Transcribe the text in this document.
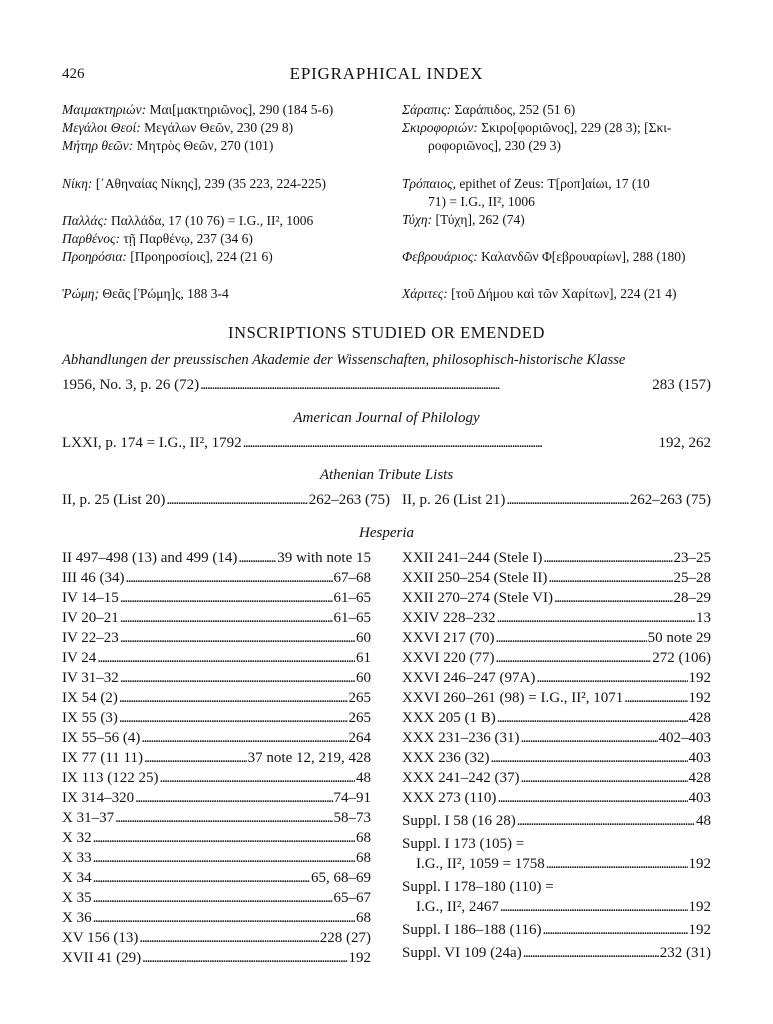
426	EPIGRAPHICAL INDEX
Μαιμακτηριών: Μαι[μακτηριῶνος], 290 (184 5-6)
Μεγάλοι Θεοί: Μεγάλων Θεῶν, 230 (29 8)
Μήτηρ θεῶν: Μητρὸς Θεῶν, 270 (101)
Νίκη: [᾿Αθηναίας Νίκης], 239 (35 223, 224-225)
Παλλάς: Παλλάδα, 17 (10 76) = I.G., II², 1006
Παρθένος: τῇ Παρθένῳ, 237 (34 6)
Προηρόσια: [Προηροσίοις], 224 (21 6)
Ῥώμη; Θεᾶς [Ῥώμη]ς, 188 3-4
Σάραπις: Σαράπιδος, 252 (51 6)
Σκιροφοριών: Σκιρο[φοριῶνος], 229 (28 3); [Σκι-
ροφοριῶνος], 230 (29 3)
Τρόπαιος, epithet of Zeus: Τ[ροπ]αίωι, 17 (10
71) = I.G., II², 1006
Τύχη: [Τύχη], 262 (74)
Φεβρουάριος: Καλανδῶν Φ[εβρουαρίων], 288 (180)
Χάριτες: [τοῦ Δήμου καὶ τῶν Χαρίτων], 224 (21 4)
INSCRIPTIONS STUDIED OR EMENDED
Abhandlungen der preussischen Akademie der Wissenschaften, philosophisch-historische Klasse
1956, No. 3, p. 26 (72) . . .	283 (157)
American Journal of Philology
LXXI, p. 174 = I.G., II², 1792 . . .	192, 262
Athenian Tribute Lists
II, p. 25 (List 20) . . .	262–263 (75) II, p. 26 (List 21) . . .	262–263 (75)
Hesperia
II 497–498 (13) and 499 (14) . . .	39 with note 15
III 46 (34) . . .	67–68
IV 14–15 . . .	61–65
IV 20–21 . . .	61–65
IV 22–23 . . .	60
IV 24 . . .	61
IV 31–32 . . .	60
IX 54 (2) . . .	265
IX 55 (3) . . .	265
IX 55–56 (4) . . .	264
IX 77 (11 11) . . .	37 note 12, 219, 428
IX 113 (122 25) . . .	48
IX 314–320 . . .	74–91
X 31–37 . . .	58–73
X 32 . . .	68
X 33 . . .	68
X 34 . . .	65, 68–69
X 35 . . .	65–67
X 36 . . .	68
XV 156 (13) . . .	228 (27)
XVII 41 (29) . . .	192
XXII 241–244 (Stele I) . . .	23–25
XXII 250–254 (Stele II) . . .	25–28
XXII 270–274 (Stele VI) . . .	28–29
XXIV 228–232 . . .	13
XXVI 217 (70) . . .	50 note 29
XXVI 220 (77) . . .	272 (106)
XXVI 246–247 (97A) . . .	192
XXVI 260–261 (98) = I.G., II², 1071 . . .	192
XXX 205 (1 B) . . .	428
XXX 231–236 (31) . . .	402–403
XXX 236 (32) . . .	403
XXX 241–242 (37) . . .	428
XXX 273 (110) . . .	403
Suppl. I 58 (16 28) . . .	48
Suppl. I 173 (105) =
I.G., II², 1059 = 1758 . . .	192
Suppl. I 178–180 (110) =
I.G., II², 2467 . . .	192
Suppl. I 186–188 (116) . . .	192
Suppl. VI 109 (24a) . . .	232 (31)
